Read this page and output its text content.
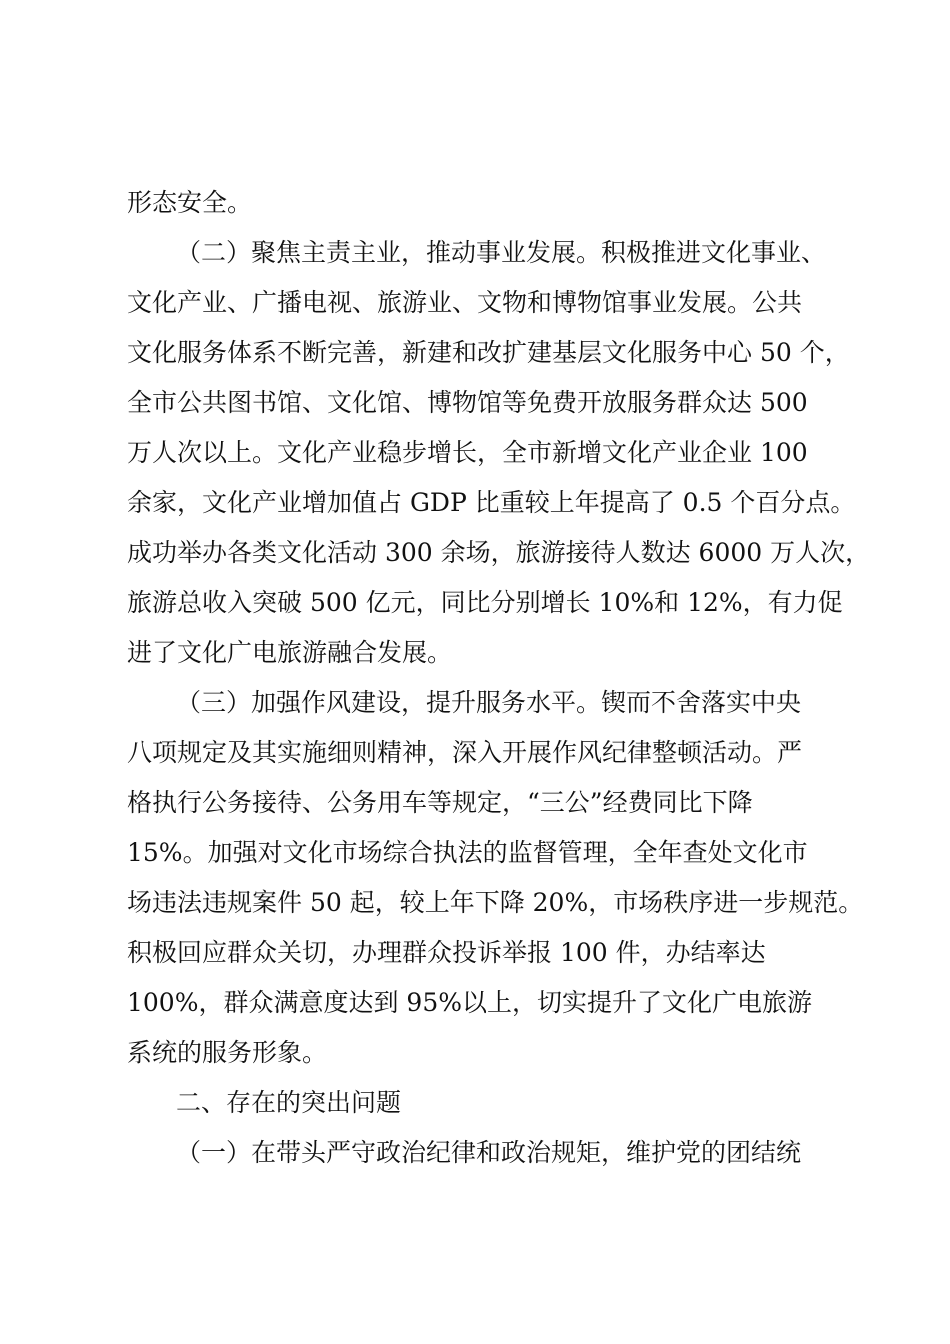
形态安全。
（二）聚焦主责主业，推动事业发展。积极推进文化事业、
文化产业、广播电视、旅游业、文物和博物馆事业发展。公共
文化服务体系不断完善，新建和改扩建基层文化服务中心 50 个，
全市公共图书馆、文化馆、博物馆等免费开放服务群众达 500
万人次以上。文化产业稳步增长，全市新增文化产业企业 100
余家，文化产业增加值占 GDP 比重较上年提高了 0.5 个百分点。
成功举办各类文化活动 300 余场，旅游接待人数达 6000 万人次，
旅游总收入突破 500 亿元，同比分别增长 10%和 12%，有力促
进了文化广电旅游融合发展。
（三）加强作风建设，提升服务水平。锲而不舍落实中央
八项规定及其实施细则精神，深入开展作风纪律整顿活动。严
格执行公务接待、公务用车等规定，“三公”经费同比下降
15%。加强对文化市场综合执法的监督管理，全年查处文化市
场违法违规案件 50 起，较上年下降 20%，市场秩序进一步规范。
积极回应群众关切，办理群众投诉举报 100 件，办结率达
100%，群众满意度达到 95%以上，切实提升了文化广电旅游
系统的服务形象。
二、存在的突出问题
（一）在带头严守政治纪律和政治规矩，维护党的团结统
